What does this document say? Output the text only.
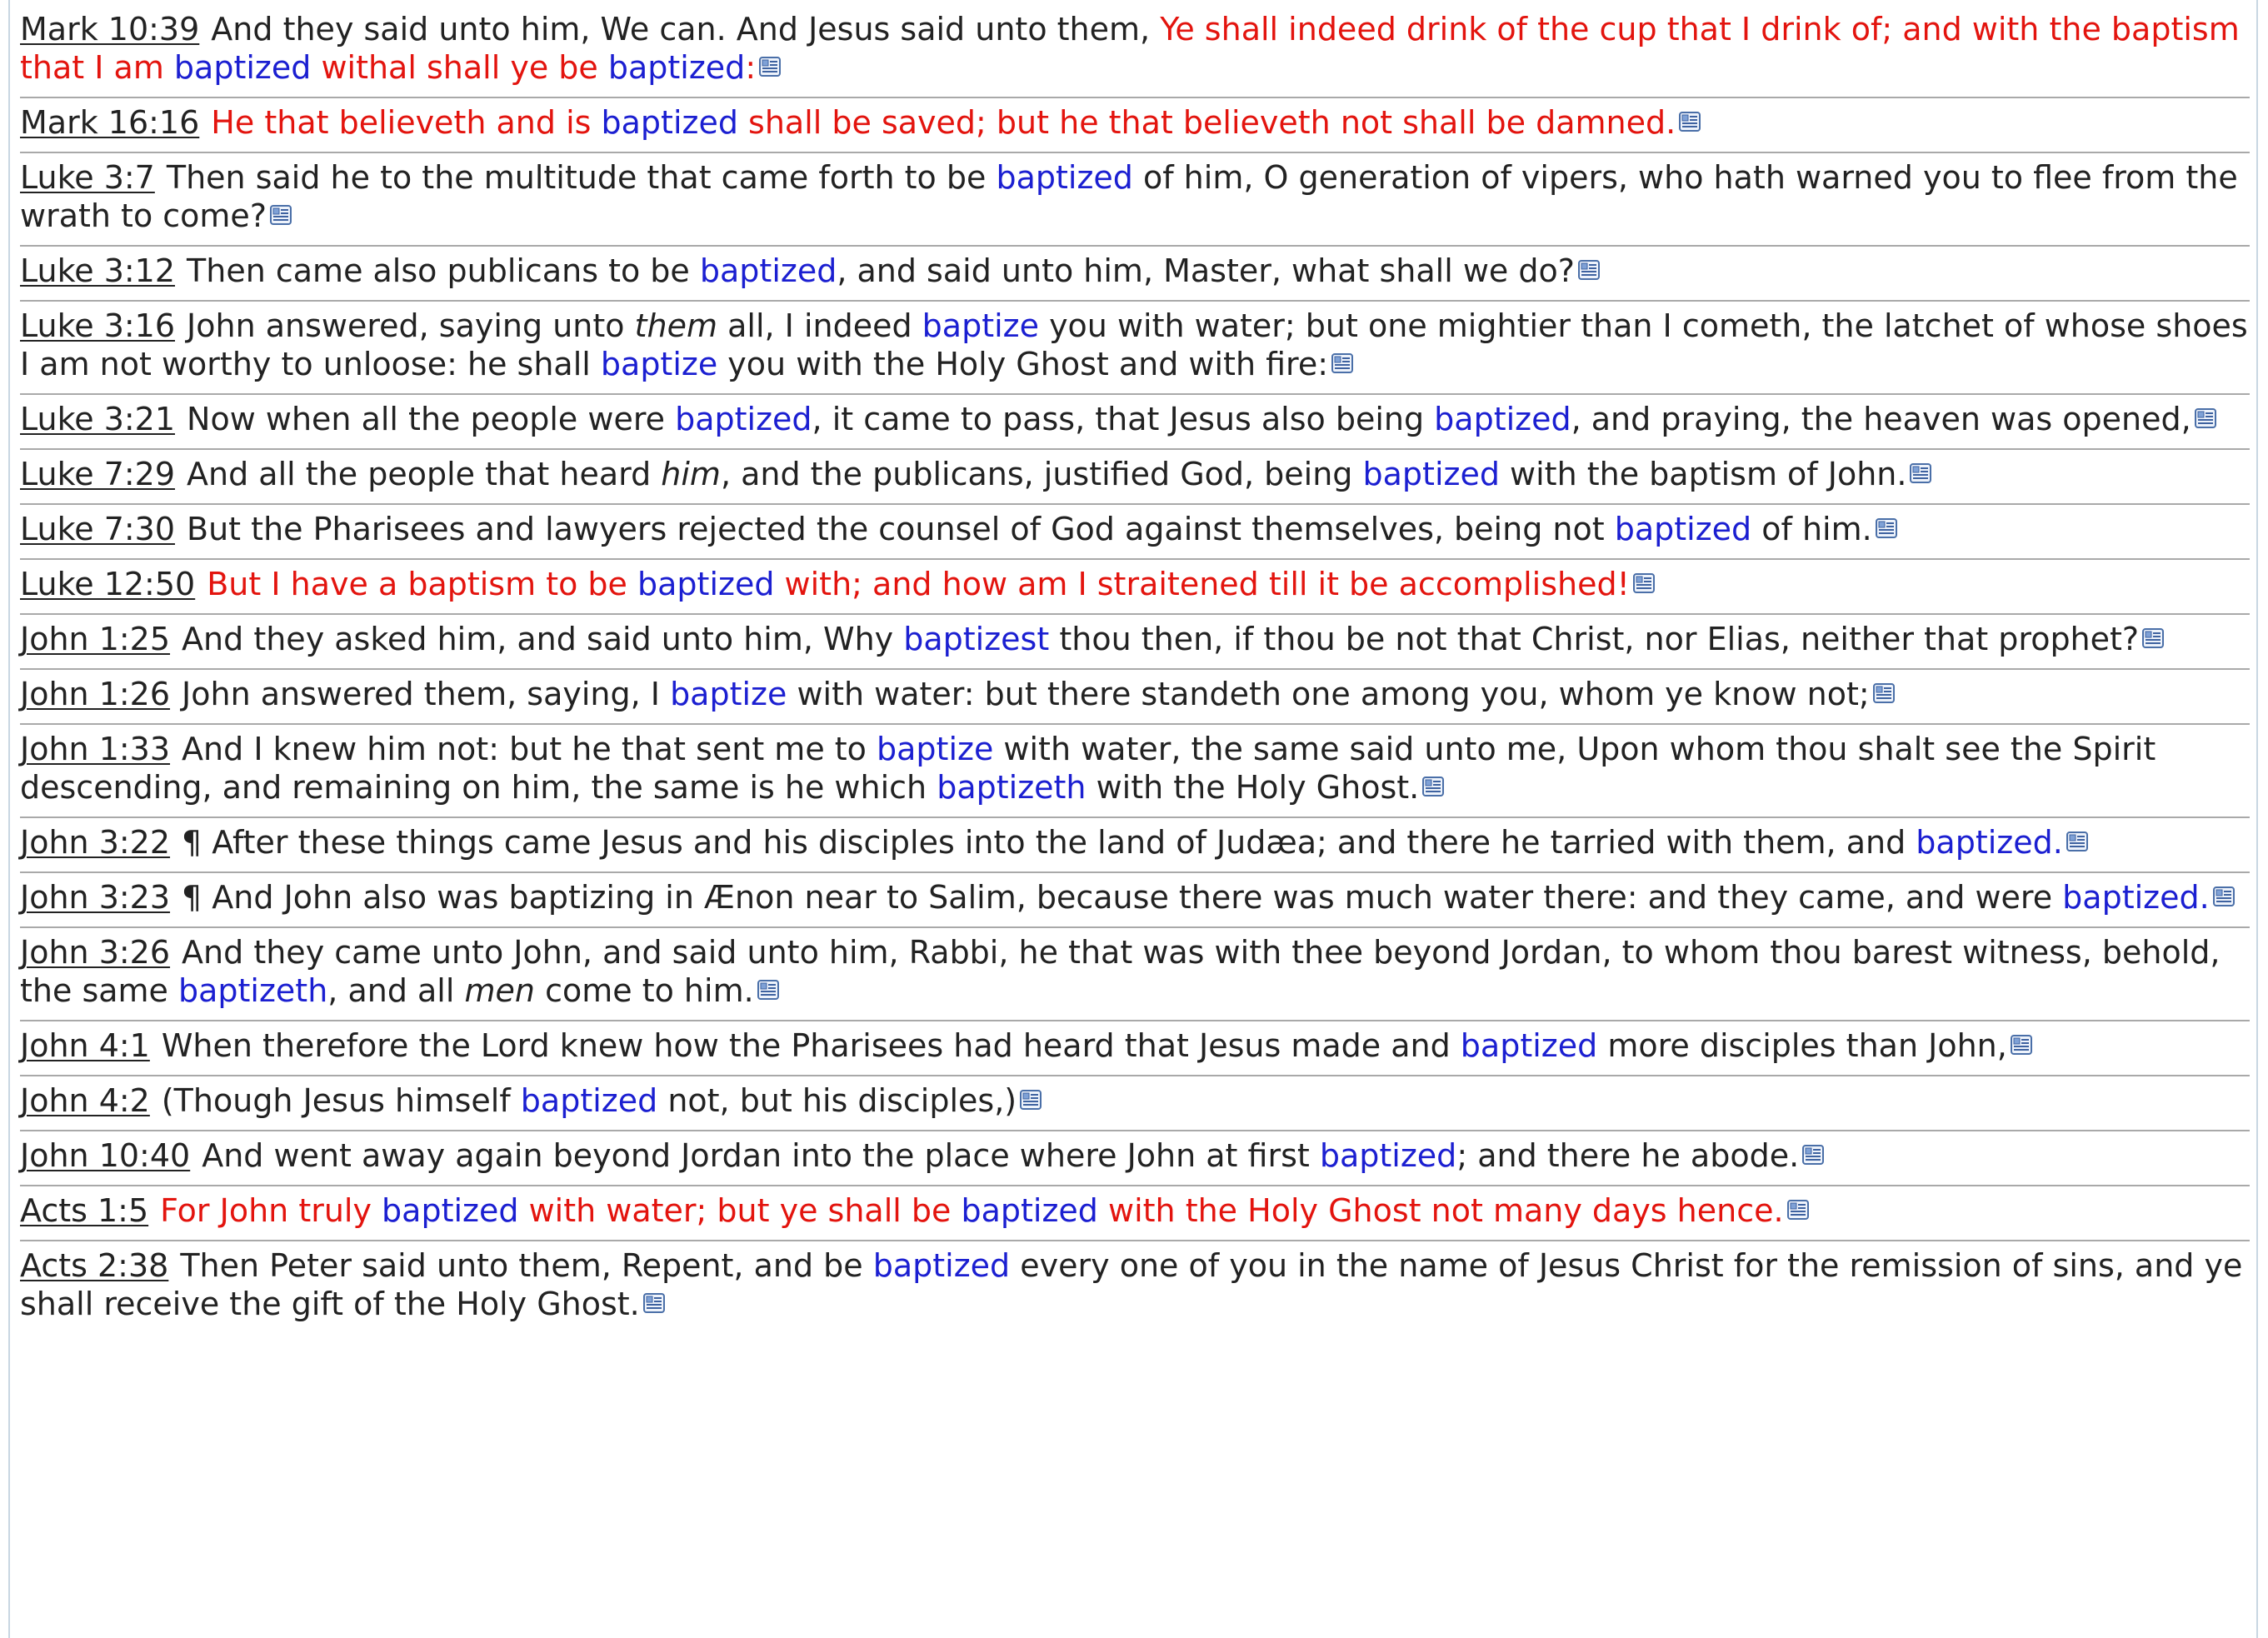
Mark 10:39 And they said unto him, We can. And Jesus said unto them, Ye shall indeed drink of the cup that I drink of; and with the baptism that I am baptized withal shall ye be baptized:
Mark 16:16 He that believeth and is baptized shall be saved; but he that believeth not shall be damned.
Luke 3:7 Then said he to the multitude that came forth to be baptized of him, O generation of vipers, who hath warned you to flee from the wrath to come?
Luke 3:12 Then came also publicans to be baptized, and said unto him, Master, what shall we do?
Luke 3:16 John answered, saying unto them all, I indeed baptize you with water; but one mightier than I cometh, the latchet of whose shoes I am not worthy to unloose: he shall baptize you with the Holy Ghost and with fire:
Luke 3:21 Now when all the people were baptized, it came to pass, that Jesus also being baptized, and praying, the heaven was opened,
Luke 7:29 And all the people that heard him, and the publicans, justified God, being baptized with the baptism of John.
Luke 7:30 But the Pharisees and lawyers rejected the counsel of God against themselves, being not baptized of him.
Luke 12:50 But I have a baptism to be baptized with; and how am I straitened till it be accomplished!
John 1:25 And they asked him, and said unto him, Why baptizest thou then, if thou be not that Christ, nor Elias, neither that prophet?
John 1:26 John answered them, saying, I baptize with water: but there standeth one among you, whom ye know not;
John 1:33 And I knew him not: but he that sent me to baptize with water, the same said unto me, Upon whom thou shalt see the Spirit descending, and remaining on him, the same is he which baptizeth with the Holy Ghost.
John 3:22 ¶ After these things came Jesus and his disciples into the land of Judæa; and there he tarried with them, and baptized.
John 3:23 ¶ And John also was baptizing in Ænon near to Salim, because there was much water there: and they came, and were baptized.
John 3:26 And they came unto John, and said unto him, Rabbi, he that was with thee beyond Jordan, to whom thou barest witness, behold, the same baptizeth, and all men come to him.
John 4:1 When therefore the Lord knew how the Pharisees had heard that Jesus made and baptized more disciples than John,
John 4:2 (Though Jesus himself baptized not, but his disciples,)
John 10:40 And went away again beyond Jordan into the place where John at first baptized; and there he abode.
Acts 1:5 For John truly baptized with water; but ye shall be baptized with the Holy Ghost not many days hence.
Acts 2:38 Then Peter said unto them, Repent, and be baptized every one of you in the name of Jesus Christ for the remission of sins, and ye shall receive the gift of the Holy Ghost.
